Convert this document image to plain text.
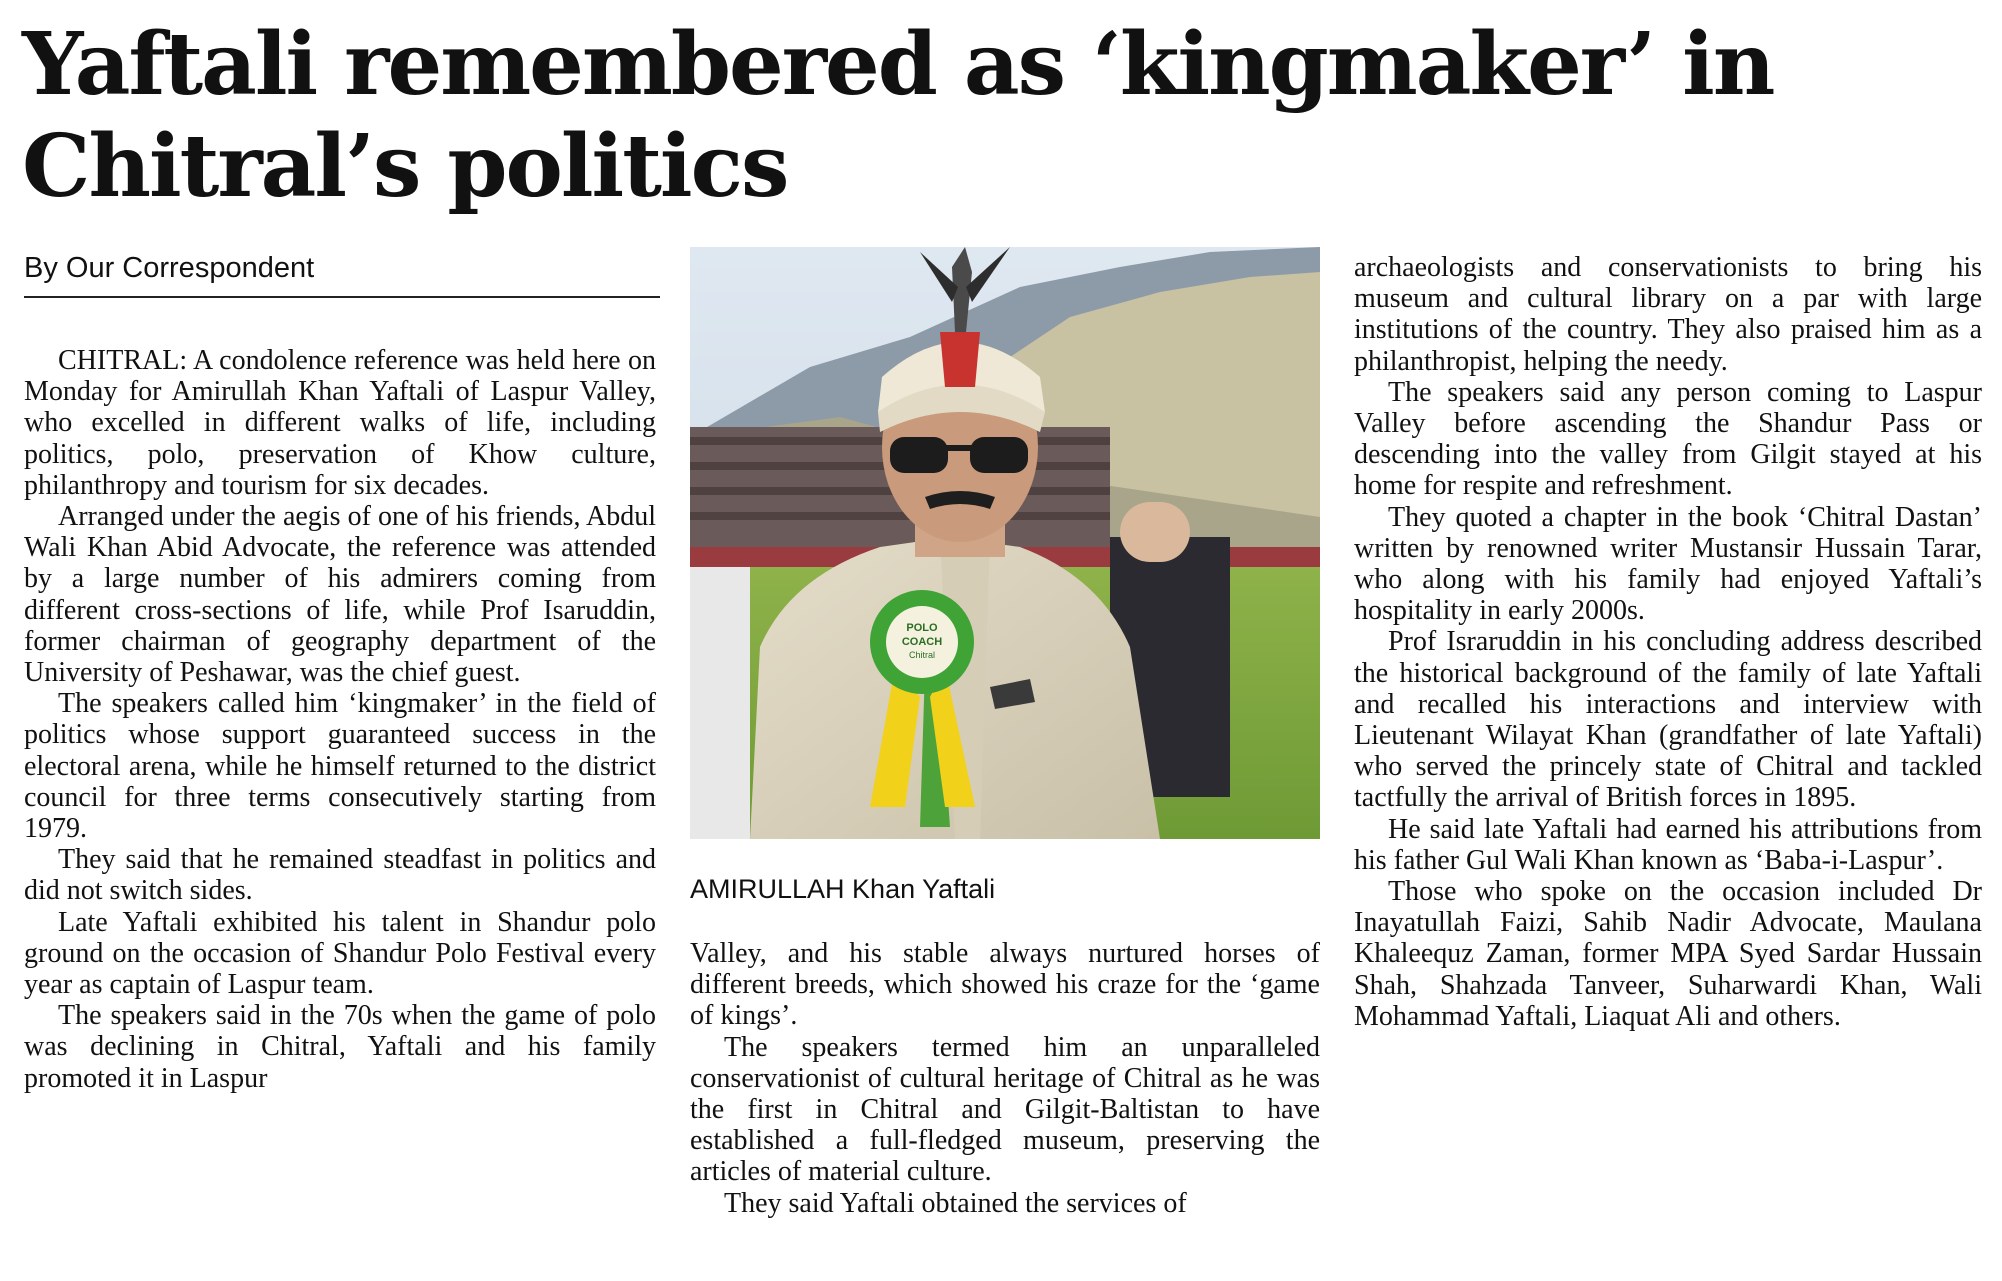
Yaftali remembered as ‘kingmaker’ in Chitral’s politics
By Our Correspondent

CHITRAL: A condolence reference was held here on Monday for Amirullah Khan Yaftali of Laspur Valley, who excelled in different walks of life, including politics, polo, preservation of Khow culture, philanthropy and tourism for six decades.

Arranged under the aegis of one of his friends, Abdul Wali Khan Abid Advocate, the reference was attended by a large number of his admirers coming from different cross-sections of life, while Prof Isaruddin, former chairman of geography department of the University of Peshawar, was the chief guest.

The speakers called him ‘kingmaker’ in the field of politics whose support guaranteed success in the electoral arena, while he himself returned to the district council for three terms consecutively starting from 1979.

They said that he remained steadfast in politics and did not switch sides.

Late Yaftali exhibited his talent in Shandur polo ground on the occasion of Shandur Polo Festival every year as captain of Laspur team.

The speakers said in the 70s when the game of polo was declining in Chitral, Yaftali and his family promoted it in Laspur

POLO
COACH
Chitral
AMIRULLAH Khan Yaftali

Valley, and his stable always nurtured horses of different breeds, which showed his craze for the ‘game of kings’.

The speakers termed him an unparalleled conservationist of cultural heritage of Chitral as he was the first in Chitral and Gilgit-Baltistan to have established a full-fledged museum, preserving the articles of material culture.

They said Yaftali obtained the services of

archaeologists and conservationists to bring his museum and cultural library on a par with large institutions of the country. They also praised him as a philanthropist, helping the needy.

The speakers said any person coming to Laspur Valley before ascending the Shandur Pass or descending into the valley from Gilgit stayed at his home for respite and refreshment.

They quoted a chapter in the book ‘Chitral Dastan’ written by renowned writer Mustansir Hussain Tarar, who along with his family had enjoyed Yaftali’s hospitality in early 2000s.

Prof Israruddin in his concluding address described the historical background of the family of late Yaftali and recalled his interactions and interview with Lieutenant Wilayat Khan (grandfather of late Yaftali) who served the princely state of Chitral and tackled tactfully the arrival of British forces in 1895.

He said late Yaftali had earned his attributions from his father Gul Wali Khan known as ‘Baba-i-Laspur’.

Those who spoke on the occasion included Dr Inayatullah Faizi, Sahib Nadir Advocate, Maulana Khaleequz Zaman, former MPA Syed Sardar Hussain Shah, Shahzada Tanveer, Suharwardi Khan, Wali Mohammad Yaftali, Liaquat Ali and others.
